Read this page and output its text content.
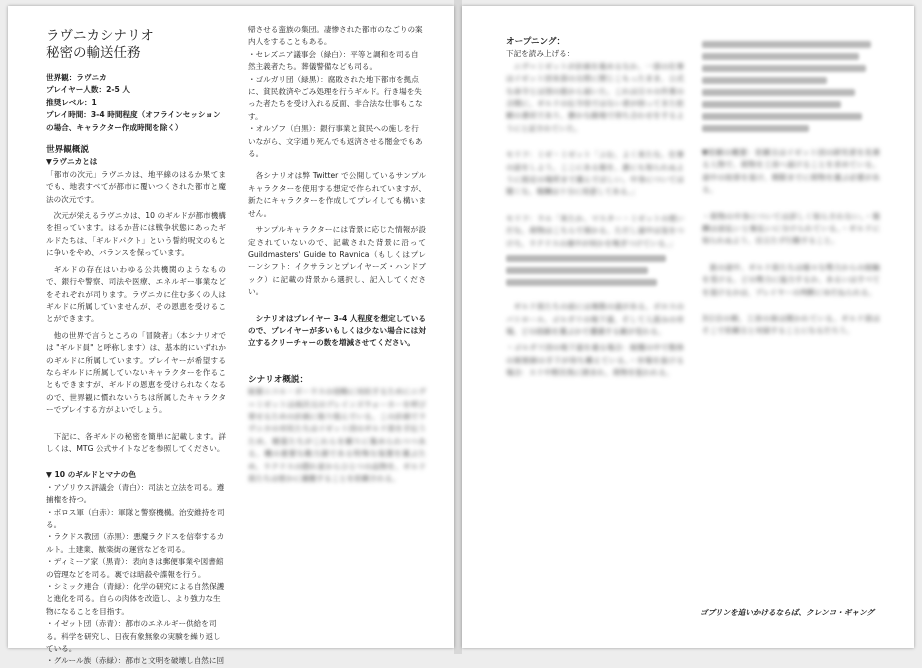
ラヴニカシナリオ
秘密の輸送任務
世界観：ラヴニカ
プレイヤー人数：2-5 人
推奨レベル：1
プレイ時間：3-4 時間程度（オフラインセッションの場合、キャラクター作成時間を除く）
世界観概説
▼ラヴニカとは

「都市の次元」ラヴニカは、地平線のはるか果てまでも、地表すべてが都市に覆いつくされた都市と魔法の次元です。

次元が栄えるラヴニカは、10 のギルドが都市機構を担っています。はるか昔には戦争状態にあったギルドたちは、「ギルドパクト」という誓約呪文のもとに争いをやめ、バランスを保っています。

ギルドの存在はいわゆる公共機関のようなもので、銀行や警察、司法や医療、エネルギー事業などをそれぞれが司ります。ラヴニカに住む多くの人はギルドに所属していませんが、その恩恵を受けることができます。

他の世界で言うところの「冒険者」（本シナリオでは "ギルド員" と呼称します）は、基本的にいずれかのギルドに所属しています。プレイヤーが希望するならギルドに所属していないキャラクターを作ることもできますが、ギルドの恩恵を受けられなくなるので、世界観に慣れないうちは所属したキャラクターでプレイする方がよいでしょう。

下記に、各ギルドの秘密を簡単に記載します。詳しくは、MTG 公式サイトなどを参照してください。

▼ 10 のギルドとマナの色
・アゾリウス評議会（青白）：司法と立法を司る。遵捕権を持つ。
・ボロス軍（白赤）：軍隊と警察機構。治安維持を司る。
・ラクドス教団（赤黒）：悪魔ラクドスを信奉するカルト。土建業、歓楽街の運営などを司る。
・ディミーア家（黒青）：表向きは郵便事業や図書館の管理などを司る。裏では暗殺や諜報を行う。
・シミック連合（青緑）：化学の研究による自然保護と進化を司る。自らの肉体を改造し、より強力な生物になることを目指す。
・イゼット団（赤青）：都市のエネルギー供給を司る。科学を研究し、日夜有象無象の実験を繰り返している。
・グルール族（赤緑）：都市と文明を破壊し自然に回
帰させる蛮族の集団。凄惨された都市のなごりの案内人をすることもある。
・セレズニア議事会（緑白）：平等と調和を司る自然主義者たち。葬儀警備なども司る。
・ゴルガリ団（緑黒）：腐敗された地下都市を拠点に、貧民救済やごみ処理を行うギルド。行き場を失った者たちを受け入れる反面、非合法な仕事もこなす。
・オルゾフ（白黒）：銀行事業と貧民への施しを行いながら、文字通り死んでも返済させる闇金でもある。

各シナリオは弊 Twitter で公開しているサンプルキャラクターを使用する想定で作られていますが、新たにキャラクターを作成してプレイしても構いません。

サンプルキャラクターには背景に応じた情報が設定されていないので、記載された背景に沿って Guildmasters' Guide to Ravnica（もしくはプレーンシフト：イクサランとプレイヤーズ・ハンドブック）に記載の背景から選択し、記入してください。

シナリオはプレイヤー 3-4 人程度を想定しているので、プレイヤーが多いもしくは少ない場合には対立するクリーチャーの数を増減させてください。

シナリオ概説：

総督ニコル・ボーラスの侵略に対抗するためにニヴ＝ミゼットは両次元のプレインズウォーカーを呼び寄せるための計画に取り組んでいる。この計画でラヴニカの市民たちはイゼット団のギルド員を手伝うため、精霊たちがこれらを頼りに集められつつある。機の重要な動力源である特殊な装置を運ぶため、ラクドスの隠れ家からひとつの品物を、ギルド員たちは密かに運搬することを依頼される。

オープニング：
下記を読み上げる：

ニヴ＝ミゼットが計画を進めるなか、一部の仕事はイゼット団本部の尖塔に閉じこもったまま、公式な命令とは別の筋から届いた。これは日々の作業の合間に、ギルドの伝令役ではない者が持ってきた依頼の書状であり、静かな路地で待ち合わせをするようにと記されていた。

セリフ：ミゼ・ミゼット「ふむ、よく来たな。仕事の話をしよう。ここにある箱を、誰にも知られぬように指定の場所まで運んでほしい。中身については聞くな。報酬は十分に用意してある。」

セリフ：ラル「来たか、マスター・ミゼットの使いだな。荷物はこちらで預かる。ただし道中は気をつけろ。ラクドスの連中が何かを嗅ぎつけている。」

ギルド員たちの前には複数の道がある。ボロスのパトロール、ゴルガリの地下道、そして人混みの市場。どの経路を選ぶかで遭遇する敵が変わる。

・ゴルガリ団の地下道を通る場合：暗闇の中で数体の屍術師の手下が待ち構えている。・市場を抜ける場合：スリや野次馬に囲まれ、荷物を狙われる。

▼依頼の概要：依頼主はイゼット団の研究者を名乗る人物で、荷物を工房へ届けることを求めている。途中の妨害を退け、期限までに荷物を運ぶ必要がある。

・荷物の中身については詳しく知らされない。・報酬は前払いと後払いに分けられている。・ギルドに知られぬよう、目立たず行動すること。

旅の途中、ギルド員たちは様々な勢力からの接触を受ける。どの勢力に協力するか、あるいはすべてを退けるかは、プレイヤーの判断にゆだねられる。

3日目の朝、工房の扉は開かれている。ギルド員はそこで依頼主と対面することになるだろう。

ゴブリンを追いかけるならば、クレンコ・ギャング
